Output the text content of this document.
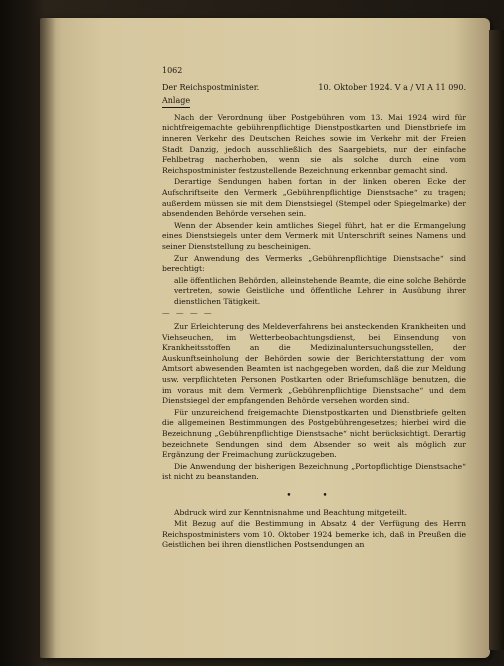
1062
Der Reichspostminister.	10. Oktober 1924. V a / VI A 11 090.
Anlage

Nach der Verordnung über Postgebühren vom 13. Mai 1924 wird für nichtfreigemachte gebührenpflichtige Dienstpostkarten und Dienstbriefe im inneren Verkehr des Deutschen Reiches sowie im Verkehr mit der Freien Stadt Danzig, jedoch ausschließlich des Saargebiets, nur der einfache Fehlbetrag nacherhoben, wenn sie als solche durch eine vom Reichspostminister festzustellende Bezeichnung erkennbar gemacht sind.

Derartige Sendungen haben fortan in der linken oberen Ecke der Aufschriftseite den Vermerk „Gebührenpflichtige Dienstsache“ zu tragen; außerdem müssen sie mit dem Dienstsiegel (Stempel oder Spiegelmarke) der absendenden Behörde versehen sein.

Wenn der Absender kein amtliches Siegel führt, hat er die Ermangelung eines Dienstsiegels unter dem Vermerk mit Unterschrift seines Namens und seiner Dienststellung zu bescheinigen.

Zur Anwendung des Vermerks „Gebührenpflichtige Dienstsache“ sind berechtigt:

alle öffentlichen Behörden, alleinstehende Beamte, die eine solche Behörde vertreten, sowie Geistliche und öffentliche Lehrer in Ausübung ihrer dienstlichen Tätigkeit.

— — — —

Zur Erleichterung des Meldeverfahrens bei ansteckenden Krankheiten und Viehseuchen, im Wetterbeobachtungsdienst, bei Einsendung von Krankheitsstoffen an die Medizinaluntersuchungsstellen, der Auskunftseinholung der Behörden sowie der Berichterstattung der vom Amtsort abwesenden Beamten ist nachgegeben worden, daß die zur Meldung usw. verpflichteten Personen Postkarten oder Briefumschläge benutzen, die im voraus mit dem Vermerk „Gebührenpflichtige Dienstsache“ und dem Dienstsiegel der empfangenden Behörde versehen worden sind.

Für unzureichend freigemachte Dienstpostkarten und Dienstbriefe gelten die allgemeinen Bestimmungen des Postgebührengesetzes; hierbei wird die Bezeichnung „Gebührenpflichtige Dienstsache“ nicht berücksichtigt. Derartig bezeichnete Sendungen sind dem Absender so weit als möglich zur Ergänzung der Freimachung zurückzugeben.

Die Anwendung der bisherigen Bezeichnung „Portopflichtige Dienstsache“ ist nicht zu beanstanden.

• •

Abdruck wird zur Kenntnisnahme und Beachtung mitgeteilt.

Mit Bezug auf die Bestimmung in Absatz 4 der Verfügung des Herrn Reichspostministers vom 10. Oktober 1924 bemerke ich, daß in Preußen die Geistlichen bei ihren dienstlichen Postsendungen an
